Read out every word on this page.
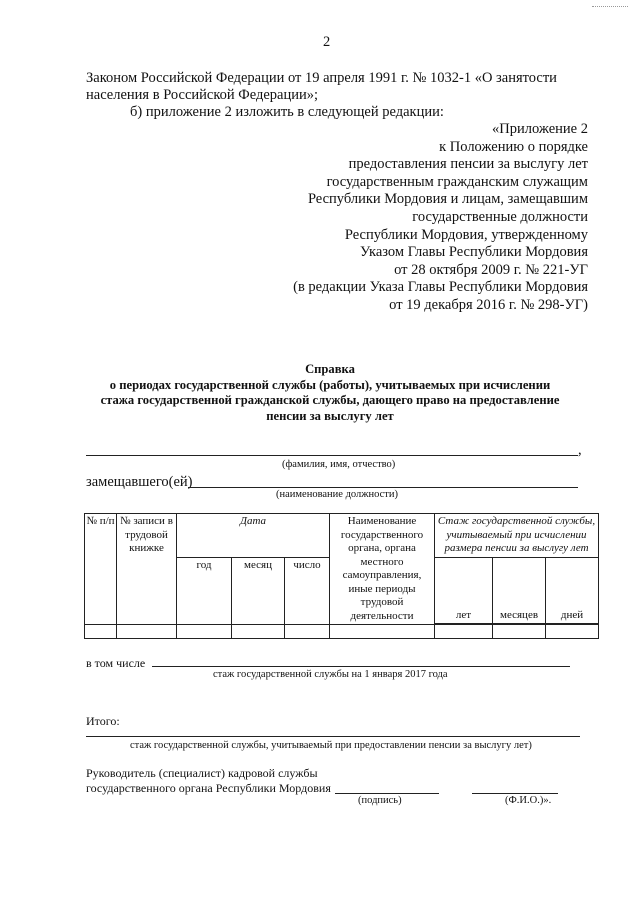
2
Законом Российской Федерации от 19 апреля 1991 г. № 1032-1 «О занятости
населения в Российской Федерации»;
б) приложение 2 изложить в следующей редакции:
«Приложение 2
к Положению о порядке
предоставления пенсии за выслугу лет
государственным гражданским служащим
Республики Мордовия и лицам, замещавшим
государственные должности
Республики Мордовия, утвержденному
Указом Главы Республики Мордовия
от 28 октября 2009 г. № 221-УГ
(в редакции Указа Главы Республики Мордовия
от 19 декабря 2016 г. № 298-УГ)
Справка
о периодах государственной службы (работы), учитываемых при исчислении
стажа государственной гражданской службы, дающего право на предоставление
пенсии за выслугу лет
,
(фамилия, имя, отчество)
замещавшего(ей)
(наименование должности)
№ п/п	№ записи в трудовой книжке	Дата			Наименование государственного органа, органа местного самоуправления, иные периоды трудовой деятельности	Стаж государственной службы, учитываемый при исчислении размера пенсии за выслугу лет		
		год	месяц	число		лет	месяцев	дней

в том числе
стаж государственной службы на 1 января 2017 года
Итого:
стаж государственной службы, учитываемый при предоставлении пенсии за выслугу лет)
Руководитель (специалист) кадровой службы
государственного органа Республики Мордовия
(подпись)	(Ф.И.О.)».
